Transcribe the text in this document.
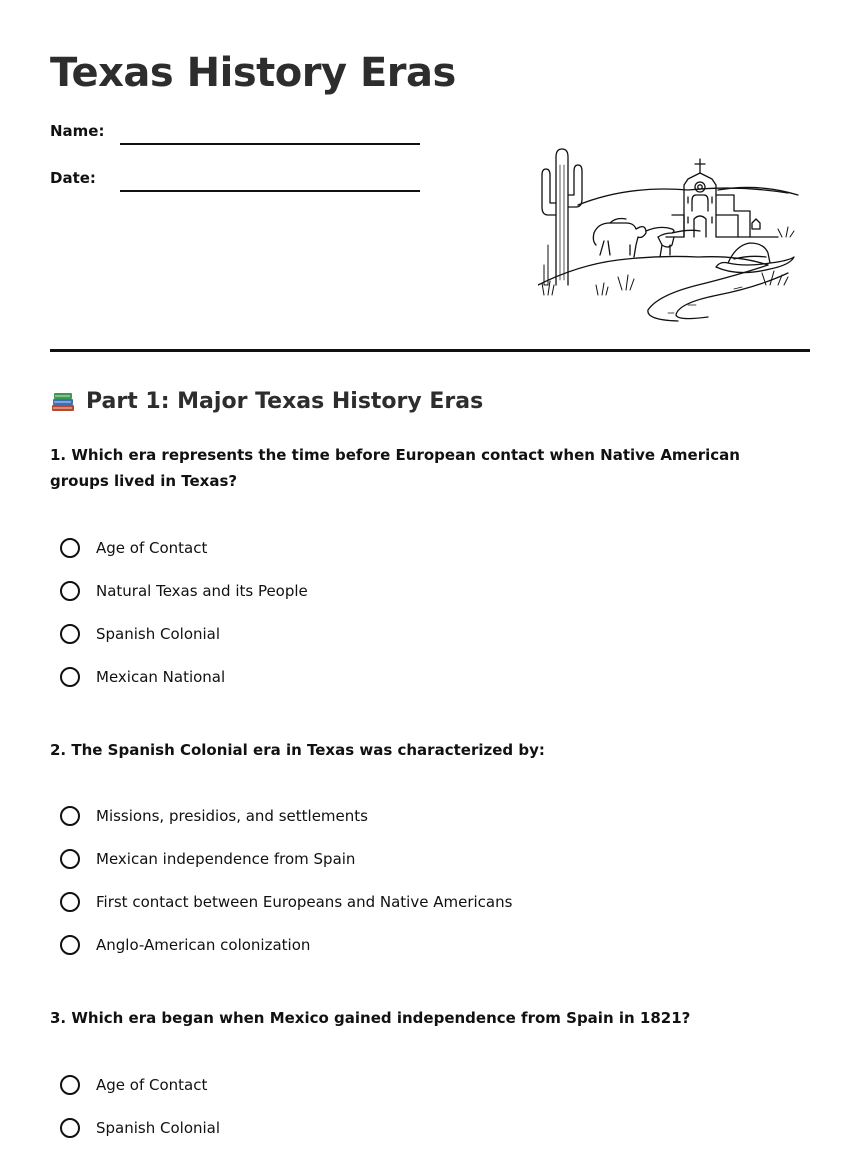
Texas History Eras
Name:
Date:
Part 1: Major Texas History Eras

1. Which era represents the time before European contact when Native American groups lived in Texas?

Age of Contact
Natural Texas and its People
Spanish Colonial
Mexican National

2. The Spanish Colonial era in Texas was characterized by:

Missions, presidios, and settlements
Mexican independence from Spain
First contact between Europeans and Native Americans
Anglo-American colonization

3. Which era began when Mexico gained independence from Spain in 1821?

Age of Contact
Spanish Colonial
